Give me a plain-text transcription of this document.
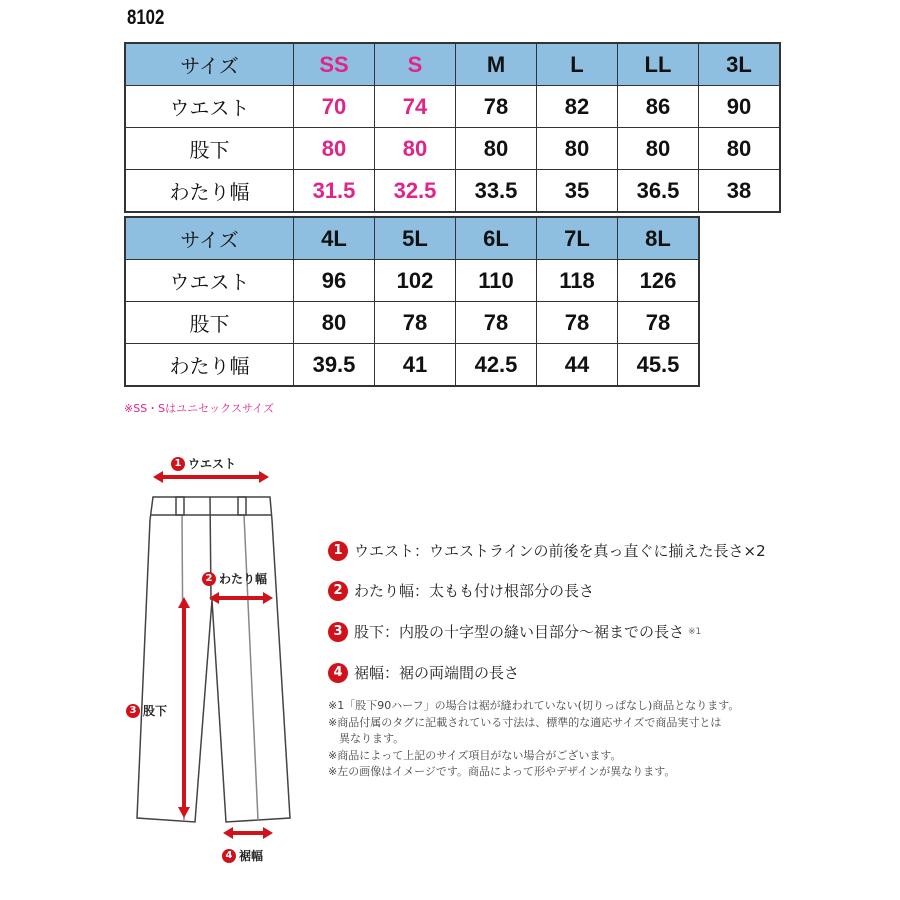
8102
サイズ	SS	S	M	L	LL	3L
ウエスト	70	74	78	82	86	90
股下	80	80	80	80	80	80
わたり幅	31.5	32.5	33.5	35	36.5	38
サイズ	4L	5L	6L	7L	8L
ウエスト	96	102	110	118	126
股下	80	78	78	78	78
わたり幅	39.5	41	42.5	44	45.5
※SS・Sはユニセックスサイズ
1 ウエスト
2 わたり幅
3 股下
4 裾幅
1 ウエスト：ウエストラインの前後を真っ直ぐに揃えた長さ×2
2 わたり幅：太もも付け根部分の長さ
3 股下：内股の十字型の縫い目部分～裾までの長さ ※1
4 裾幅：裾の両端間の長さ
※1「股下90ハーフ」の場合は裾が縫われていない(切りっぱなし)商品となります。
※商品付属のタグに記載されている寸法は、標準的な適応サイズで商品実寸とは
　異なります。
※商品によって上記のサイズ項目がない場合がございます。
※左の画像はイメージです。商品によって形やデザインが異なります。
